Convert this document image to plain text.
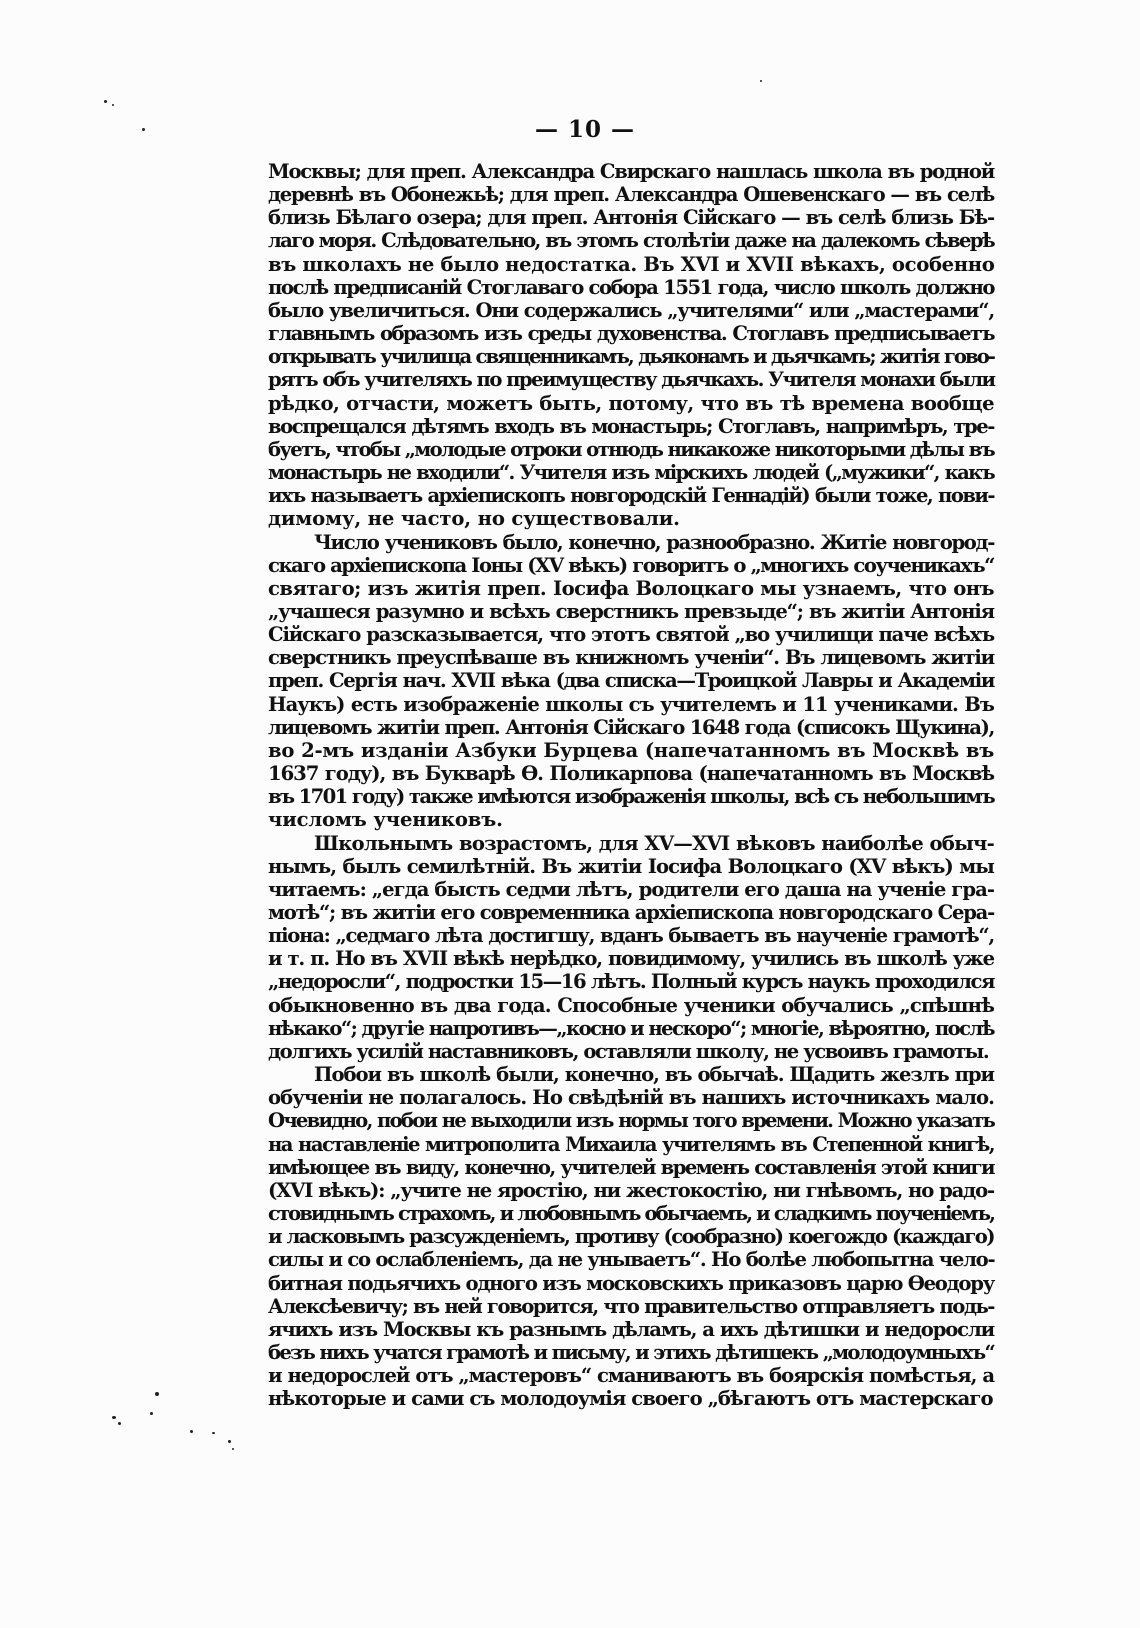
— 10 —

Москвы; для преп. Александра Свирскаго нашлась школа въ родной
деревнѣ въ Обонежьѣ; для преп. Александра Ошевенскаго — въ селѣ
близь Бѣлаго озера; для преп. Антонія Сійскаго — въ селѣ близь Бѣ-
лаго моря. Слѣдовательно, въ этомъ столѣтіи даже на далекомъ сѣверѣ
въ школахъ не было недостатка. Въ XVI и XVII вѣкахъ, особенно
послѣ предписаній Стоглаваго собора 1551 года, число школъ должно
было увеличиться. Они содержались „учителями“ или „мастерами“,
главнымъ образомъ изъ среды духовенства. Стоглавъ предписываетъ
открывать училища священникамъ, дьяконамъ и дьячкамъ; житія гово-
рятъ объ учителяхъ по преимуществу дьячкахъ. Учителя монахи были
рѣдко, отчасти, можетъ быть, потому, что въ тѣ времена вообще
воспрещался дѣтямъ входъ въ монастырь; Стоглавъ, напримѣръ, тре-
буетъ, чтобы „молодые отроки отнюдь никакоже никоторыми дѣлы въ
монастырь не входили“. Учителя изъ мірскихъ людей („мужики“, какъ
ихъ называетъ архіепископъ новгородскій Геннадій) были тоже, пови-
димому, не часто, но существовали.

Число учениковъ было, конечно, разнообразно. Житіе новгород-
скаго архіепископа Іоны (XV вѣкъ) говоритъ о „многихъ соученикахъ“
святаго; изъ житія преп. Іосифа Волоцкаго мы узнаемъ, что онъ
„учашеся разумно и всѣхъ сверстникъ превзыде“; въ житіи Антонія
Сійскаго разсказывается, что этотъ святой „во училищи паче всѣхъ
сверстникъ преуспѣваше въ книжномъ ученіи“. Въ лицевомъ житіи
преп. Сергія нач. XVII вѣка (два списка—Троицкой Лавры и Академіи
Наукъ) есть изображеніе школы съ учителемъ и 11 учениками. Въ
лицевомъ житіи преп. Антонія Сійскаго 1648 года (списокъ Щукина),
во 2-мъ изданіи Азбуки Бурцева (напечатанномъ въ Москвѣ въ
1637 году), въ Букварѣ Ѳ. Поликарпова (напечатанномъ въ Москвѣ
въ 1701 году) также имѣются изображенія школы, всѣ съ небольшимъ
числомъ учениковъ.

Школьнымъ возрастомъ, для XV—XVI вѣковъ наиболѣе обыч-
нымъ, былъ семилѣтній. Въ житіи Іосифа Волоцкаго (XV вѣкъ) мы
читаемъ: „егда бысть седми лѣтъ, родители его даша на ученіе гра-
мотѣ“; въ житіи его современника архіепископа новгородскаго Сера-
піона: „седмаго лѣта достигшу, вданъ бываетъ въ наученіе грамотѣ“,
и т. п. Но въ XVII вѣкѣ нерѣдко, повидимому, учились въ школѣ уже
„недоросли“, подростки 15—16 лѣтъ. Полный курсъ наукъ проходился
обыкновенно въ два года. Способные ученики обучались „спѣшнѣ
нѣкако“; другіе напротивъ—„косно и нескоро“; многіе, вѣроятно, послѣ
долгихъ усилій наставниковъ, оставляли школу, не усвоивъ грамоты.

Побои въ школѣ были, конечно, въ обычаѣ. Щадить жезлъ при
обученіи не полагалось. Но свѣдѣній въ нашихъ источникахъ мало.
Очевидно, побои не выходили изъ нормы того времени. Можно указать
на наставленіе митрополита Михаила учителямъ въ Степенной книгѣ,
имѣющее въ виду, конечно, учителей временъ составленія этой книги
(XVI вѣкъ): „учите не яростію, ни жестокостію, ни гнѣвомъ, но радо-
стовиднымъ страхомъ, и любовнымъ обычаемъ, и сладкимъ поученіемъ,
и ласковымъ разсужденіемъ, противу (сообразно) коегождо (каждаго)
силы и со ослабленіемъ, да не унываетъ“. Но болѣе любопытна чело-
битная подьячихъ одного изъ московскихъ приказовъ царю Ѳеодору
Алексѣевичу; въ ней говорится, что правительство отправляетъ подь-
ячихъ изъ Москвы къ разнымъ дѣламъ, а ихъ дѣтишки и недоросли
безъ нихъ учатся грамотѣ и письму, и этихъ дѣтишекъ „молодоумныхъ“
и недорослей отъ „мастеровъ“ сманиваютъ въ боярскія помѣстья, а
нѣкоторые и сами съ молодоумія своего „бѣгаютъ отъ мастерскаго
